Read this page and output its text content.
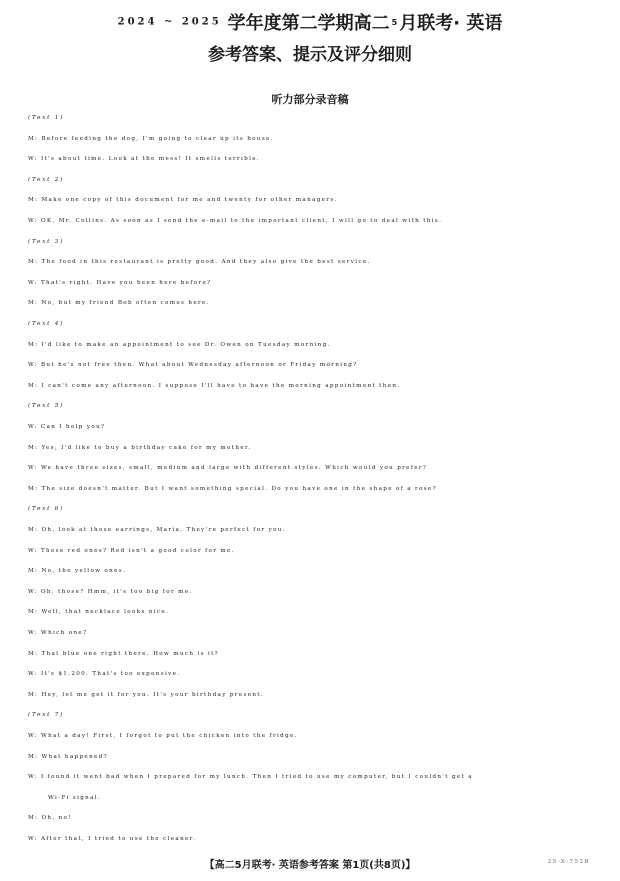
2024 ~ 2025 学年度第二学期高二 5 月联考· 英语
参考答案、提示及评分细则
听力部分录音稿
(Text 1)
M: Before feeding the dog, I'm going to clear up its house.
W: It's about time. Look at the mess! It smells terrible.
(Text 2)
M: Make one copy of this document for me and twenty for other managers.
W: OK, Mr. Collins. As soon as I send the e-mail to the important client, I will go to deal with this.
(Text 3)
M: The food in this restaurant is pretty good. And they also give the best service.
W: That's right. Have you been here before?
M: No, but my friend Bob often comes here.
(Text 4)
M: I'd like to make an appointment to see Dr. Owen on Tuesday morning.
W: But he's not free then. What about Wednesday afternoon or Friday morning?
M: I can't come any afternoon. I suppose I'll have to have the morning appointment then.
(Text 5)
W: Can I help you?
M: Yes, I'd like to buy a birthday cake for my mother.
W: We have three sizes, small, medium and large with different styles. Which would you prefer?
M: The size doesn't matter. But I want something special. Do you have one in the shape of a rose?
(Text 6)
M: Oh, look at those earrings, Maria. They're perfect for you.
W: These red ones? Red isn't a good color for me.
M: No, the yellow ones.
W: Oh, those? Hmm, it's too big for me.
M: Well, that necklace looks nice.
W: Which one?
M: That blue one right there. How much is it?
W: It's $1,200. That's too expensive.
M: Hey, let me get it for you. It's your birthday present.
(Text 7)
W: What a day! First, I forgot to put the chicken into the fridge.
M: What happened?
W: I found it went bad when I prepared for my lunch. Then I tried to use my computer, but I couldn't get a
Wi-Fi signal.
M: Oh, no!
W: After that, I tried to use the cleaner.
【高二5月联考· 英语参考答案 第1页(共8页)】	25-X-752B
